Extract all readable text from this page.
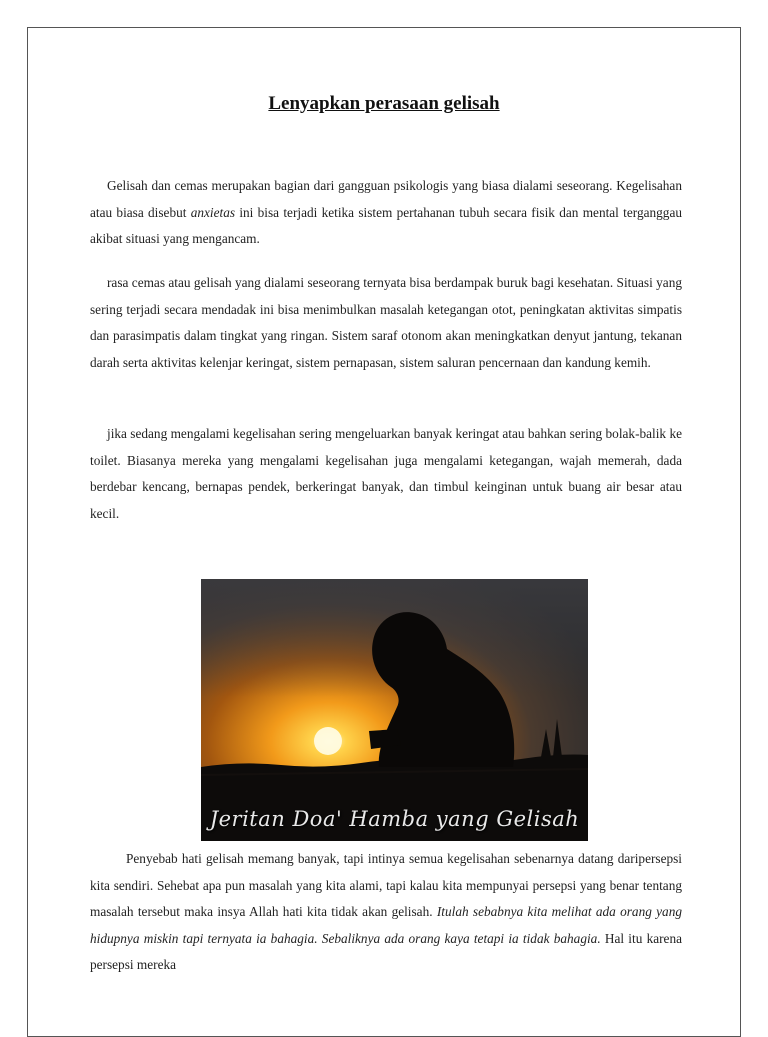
Lenyapkan perasaan gelisah

Gelisah dan cemas merupakan bagian dari gangguan psikologis yang biasa dialami seseorang. Kegelisahan atau biasa disebut anxietas ini bisa terjadi ketika sistem pertahanan tubuh secara fisik dan mental terganggau akibat situasi yang mengancam.

rasa cemas atau gelisah yang dialami seseorang ternyata bisa berdampak buruk bagi kesehatan. Situasi yang sering terjadi secara mendadak ini bisa menimbulkan masalah ketegangan otot, peningkatan aktivitas simpatis dan parasimpatis dalam tingkat yang ringan. Sistem saraf otonom akan meningkatkan denyut jantung, tekanan darah serta aktivitas kelenjar keringat, sistem pernapasan, sistem saluran pencernaan dan kandung kemih.

jika sedang mengalami kegelisahan sering mengeluarkan banyak keringat atau bahkan sering bolak-balik ke toilet. Biasanya mereka yang mengalami kegelisahan juga mengalami ketegangan, wajah memerah, dada berdebar kencang, bernapas pendek, berkeringat banyak, dan timbul keinginan untuk buang air besar atau kecil.

Jeritan Doa' Hamba yang Gelisah

Penyebab hati gelisah memang banyak, tapi intinya semua kegelisahan sebenarnya datang daripersepsi kita sendiri. Sehebat apa pun masalah yang kita alami, tapi kalau kita mempunyai persepsi yang benar tentang masalah tersebut maka insya Allah hati kita tidak akan gelisah. Itulah sebabnya kita melihat ada orang yang hidupnya miskin tapi ternyata ia bahagia. Sebaliknya ada orang kaya tetapi ia tidak bahagia. Hal itu karena persepsi mereka
